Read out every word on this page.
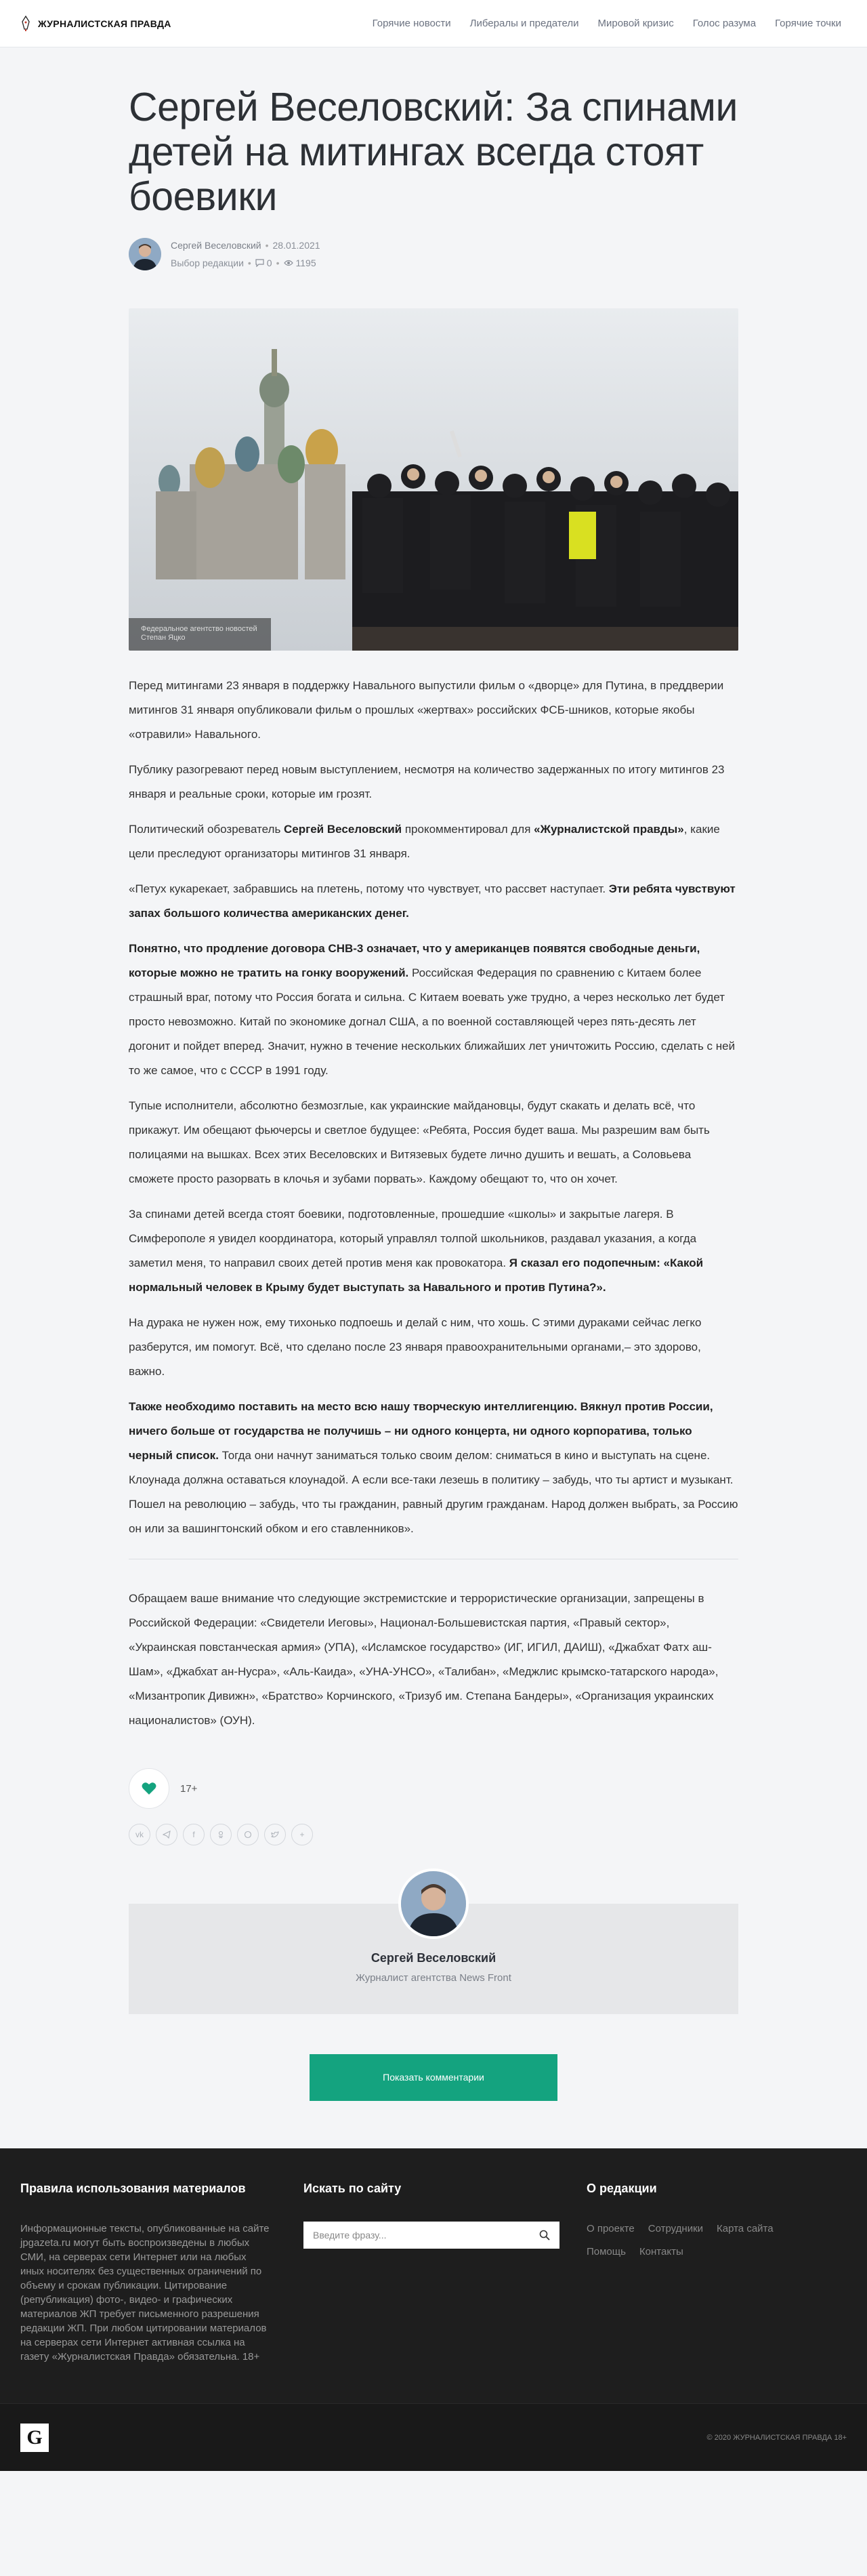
ЖУРНАЛИСТСКАЯ ПРАВДА	Горячие новости Либералы и предатели Мировой кризис Голос разума Горячие точки
Сергей Веселовский: За спинами детей на митингах всегда стоят боевики
Сергей Веселовский • 28.01.2021
Выбор редакции • 0 • 1195
Федеральное агентство новостей
Степан Яцко

Перед митингами 23 января в поддержку Навального выпустили фильм о «дворце» для Путина, в преддверии митингов 31 января опубликовали фильм о прошлых «жертвах» российских ФСБ-шников, которые якобы «отравили» Навального.

Публику разогревают перед новым выступлением, несмотря на количество задержанных по итогу митингов 23 января и реальные сроки, которые им грозят.

Политический обозреватель Сергей Веселовский прокомментировал для «Журналистской правды», какие цели преследуют организаторы митингов 31 января.

«Петух кукарекает, забравшись на плетень, потому что чувствует, что рассвет наступает. Эти ребята чувствуют запах большого количества американских денег.

Понятно, что продление договора СНВ-3 означает, что у американцев появятся свободные деньги, которые можно не тратить на гонку вооружений. Российская Федерация по сравнению с Китаем более страшный враг, потому что Россия богата и сильна. С Китаем воевать уже трудно, а через несколько лет будет просто невозможно. Китай по экономике догнал США, а по военной составляющей через пять-десять лет догонит и пойдет вперед. Значит, нужно в течение нескольких ближайших лет уничтожить Россию, сделать с ней то же самое, что с СССР в 1991 году.

Тупые исполнители, абсолютно безмозглые, как украинские майдановцы, будут скакать и делать всё, что прикажут. Им обещают фьючерсы и светлое будущее: «Ребята, Россия будет ваша. Мы разрешим вам быть полицаями на вышках. Всех этих Веселовских и Витязевых будете лично душить и вешать, а Соловьева сможете просто разорвать в клочья и зубами порвать». Каждому обещают то, что он хочет.

За спинами детей всегда стоят боевики, подготовленные, прошедшие «школы» и закрытые лагеря. В Симферополе я увидел координатора, который управлял толпой школьников, раздавал указания, а когда заметил меня, то направил своих детей против меня как провокатора. Я сказал его подопечным: «Какой нормальный человек в Крыму будет выступать за Навального и против Путина?».

На дурака не нужен нож, ему тихонько подпоешь и делай с ним, что хошь. С этими дураками сейчас легко разберутся, им помогут. Всё, что сделано после 23 января правоохранительными органами,– это здорово, важно.

Также необходимо поставить на место всю нашу творческую интеллигенцию. Вякнул против России, ничего больше от государства не получишь – ни одного концерта, ни одного корпоратива, только черный список. Тогда они начнут заниматься только своим делом: сниматься в кино и выступать на сцене. Клоунада должна оставаться клоунадой. А если все-таки лезешь в политику – забудь, что ты артист и музыкант. Пошел на революцию – забудь, что ты гражданин, равный другим гражданам. Народ должен выбрать, за Россию он или за вашингтонский обком и его ставленников».

Обращаем ваше внимание что следующие экстремистские и террористические организации, запрещены в Российской Федерации: «Свидетели Иеговы», Национал-Большевистская партия, «Правый сектор», «Украинская повстанческая армия» (УПА), «Исламское государство» (ИГ, ИГИЛ, ДАИШ), «Джабхат Фатх аш-Шам», «Джабхат ан-Нусра», «Аль-Каида», «УНА-УНСО», «Талибан», «Меджлис крымско-татарского народа», «Мизантропик Дивижн», «Братство» Корчинского, «Тризуб им. Степана Бандеры», «Организация украинских националистов» (ОУН).

17+
vk	f	+
Сергей Веселовский
Журналист агентства News Front
Показать комментарии
Правила использования материалов
Информационные тексты, опубликованные на сайте jpgazeta.ru могут быть воспроизведены в любых СМИ, на серверах сети Интернет или на любых иных носителях без существенных ограничений по объему и срокам публикации. Цитирование (републикация) фото-, видео- и графических материалов ЖП требует письменного разрешения редакции ЖП. При любом цитировании материалов на серверах сети Интернет активная ссылка на газету «Журналистская Правда» обязательна. 18+
Искать по сайту
Введите фразу...	О редакции
О проекте Сотрудники Карта сайта
Помощь Контакты
G	© 2020 ЖУРНАЛИСТСКАЯ ПРАВДА 18+
